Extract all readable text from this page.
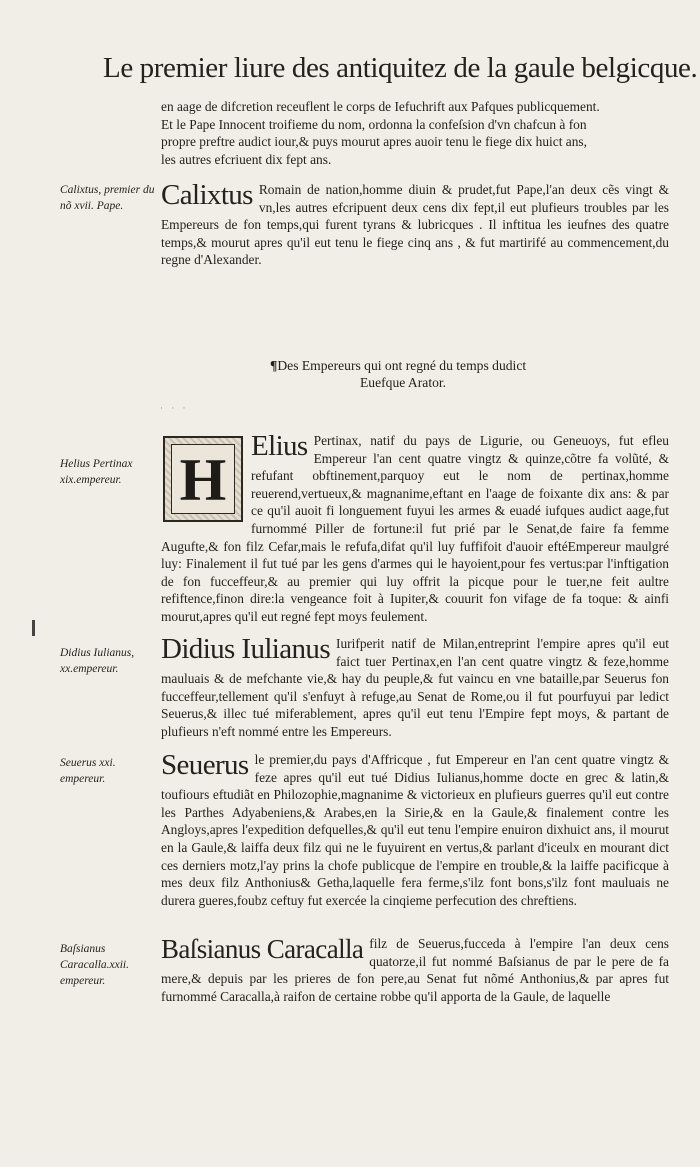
Le premier liure des antiquitez de la gaule belgicque.
en aage de difcretion receuflent le corps de Iefuchrift aux Pafques publicquement.
Et le Pape Innocent troifieme du nom, ordonna la confeſsion d'vn chafcun à fon
propre preftre audict iour,& puys mourut apres auoir tenu le fiege dix huict ans,
les autres efcriuent dix fept ans.
Calixtus, premier du nõ xvii. Pape.	Calixtus Romain de nation,homme diuin & prudet,fut Pape,l'an deux cẽs vingt & vn,les autres efcripuent deux cens dix fept,il eut plufieurs troubles par les Empereurs de fon temps,qui furent tyrans & lubricques . Il inftitua les ieufnes des quatre temps,& mourut apres qu'il eut tenu le fiege cinq ans , & fut martirifé au commencement,du regne d'Alexander.

¶Des Empereurs qui ont regné du temps dudict
Euefque Arator.
· · ·
Helius Pertinax xix.empereur. H
Elius Pertinax, natif du pays de Ligurie, ou Geneuoys, fut efleu Empereur l'an cent quatre vingtz & quinze,cõtre fa volũté, & refufant obftinement,parquoy eut le nom de pertinax,homme reuerend,vertueux,& magnanime,eftant en l'aage de foixante dix ans: & par ce qu'il auoit fi longuement fuyui les armes & euadé iufques audict aage,fut furnommé Piller de fortune:il fut prié par le Senat,de faire fa femme Augufte,& fon filz Cefar,mais le refufa,difat qu'il luy fuffifoit d'auoir eftéEmpereur maulgré luy: Finalement il fut tué par les gens d'armes qui le hayoient,pour fes vertus:par l'inftigation de fon fucceffeur,& au premier qui luy offrit la picque pour le tuer,ne feit aultre refiftence,finon dire:la vengeance foit à Iupiter,& couurit fon vifage de fa toque: & ainfi mourut,apres qu'il eut regné fept moys feulement.

Didius Iulianus, xx.empereur.
Didius Iulianus Iurifperit natif de Milan,entreprint l'empire apres qu'il eut faict tuer Pertinax,en l'an cent quatre vingtz & feze,homme mauluais & de mefchante vie,& hay du peuple,& fut vaincu en vne bataille,par Seuerus fon fucceffeur,tellement qu'il s'enfuyt à refuge,au Senat de Rome,ou il fut pourfuyui par ledict Seuerus,& illec tué miferablement, apres qu'il eut tenu l'Empire fept moys, & partant de plufieurs n'eft nommé entre les Empereurs.

Seuerus xxi. empereur.	Seuerus le premier,du pays d'Affricque , fut Empereur en l'an cent quatre vingtz & feze apres qu'il eut tué Didius Iulianus,homme docte en grec & latin,& toufiours eftudiãt en Philozophie,magnanime & victorieux en plufieurs guerres qu'il eut contre les Parthes Adyabeniens,& Arabes,en la Sirie,& en la Gaule,& finalement contre les Angloys,apres l'expedition defquelles,& qu'il eut tenu l'empire enuiron dixhuict ans, il mourut en la Gaule,& laiffa deux filz qui ne le fuyuirent en vertus,& parlant d'iceulx en mourant dict ces derniers motz,l'ay prins la chofe publicque de l'empire en trouble,& la laiffe pacificque à mes deux filz Anthonius& Getha,laquelle fera ferme,s'ilz font bons,s'ilz font mauluais ne durera gueres,foubz ceftuy fut exercée la cinqieme perfecution des chreftiens.

Baſsianus Caracalla.xxii. empereur.
Baſsianus Caracalla filz de Seuerus,fucceda à l'empire l'an deux cens quatorze,il fut nommé Baſsianus de par le pere de fa mere,& depuis par les prieres de fon pere,au Senat fut nõmé Anthonius,& par apres fut furnommé Caracalla,à raifon de certaine robbe qu'il apporta de la Gaule, de laquelle
